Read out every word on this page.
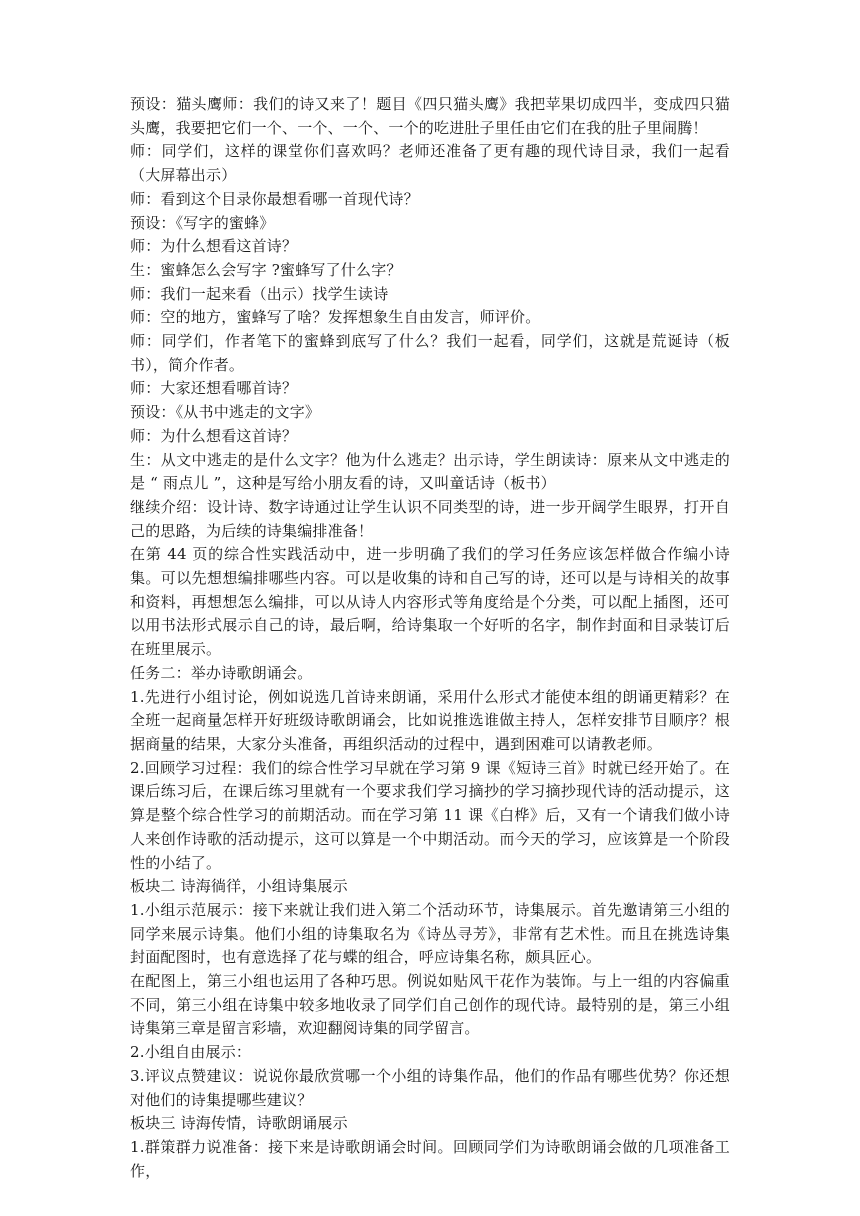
预设：猫头鹰师：我们的诗又来了！题目《四只猫头鹰》我把苹果切成四半，变成四只猫头鹰，我要把它们一个、一个、一个、一个的吃进肚子里任由它们在我的肚子里闹腾！

师：同学们，这样的课堂你们喜欢吗？老师还准备了更有趣的现代诗目录，我们一起看（大屏幕出示）

师：看到这个目录你最想看哪一首现代诗？

预设：《写字的蜜蜂》

师：为什么想看这首诗？

生：蜜蜂怎么会写字 ?蜜蜂写了什么字？

师：我们一起来看（出示）找学生读诗

师：空的地方，蜜蜂写了啥？发挥想象生自由发言，师评价。

师：同学们，作者笔下的蜜蜂到底写了什么？我们一起看，同学们，这就是荒诞诗（板书），简介作者。

师：大家还想看哪首诗？

预设：《从书中逃走的文字》

师：为什么想看这首诗？

生：从文中逃走的是什么文字？他为什么逃走？出示诗，学生朗读诗：原来从文中逃走的是 “ 雨点儿 ”，这种是写给小朋友看的诗，又叫童话诗（板书）

继续介绍：设计诗、数字诗通过让学生认识不同类型的诗，进一步开阔学生眼界，打开自己的思路，为后续的诗集编排准备！

在第 44 页的综合性实践活动中，进一步明确了我们的学习任务应该怎样做合作编小诗集。可以先想想编排哪些内容。可以是收集的诗和自己写的诗，还可以是与诗相关的故事和资料，再想想怎么编排，可以从诗人内容形式等角度给是个分类，可以配上插图，还可以用书法形式展示自己的诗，最后啊，给诗集取一个好听的名字，制作封面和目录装订后在班里展示。

任务二：举办诗歌朗诵会。

1.先进行小组讨论，例如说选几首诗来朗诵，采用什么形式才能使本组的朗诵更精彩？在全班一起商量怎样开好班级诗歌朗诵会，比如说推选谁做主持人，怎样安排节目顺序？根据商量的结果，大家分头准备，再组织活动的过程中，遇到困难可以请教老师。

2.回顾学习过程：我们的综合性学习早就在学习第 9 课《短诗三首》时就已经开始了。在课后练习后，在课后练习里就有一个要求我们学习摘抄的学习摘抄现代诗的活动提示，这算是整个综合性学习的前期活动。而在学习第 11 课《白桦》后，又有一个请我们做小诗人来创作诗歌的活动提示，这可以算是一个中期活动。而今天的学习，应该算是一个阶段性的小结了。

板块二 诗海徜徉，小组诗集展示

1.小组示范展示：接下来就让我们进入第二个活动环节，诗集展示。首先邀请第三小组的同学来展示诗集。他们小组的诗集取名为《诗丛寻芳》，非常有艺术性。而且在挑选诗集封面配图时，也有意选择了花与蝶的组合，呼应诗集名称，颇具匠心。

在配图上，第三小组也运用了各种巧思。例说如贴风干花作为装饰。与上一组的内容偏重不同，第三小组在诗集中较多地收录了同学们自己创作的现代诗。最特别的是，第三小组诗集第三章是留言彩墙，欢迎翻阅诗集的同学留言。

2.小组自由展示：

3.评议点赞建议：说说你最欣赏哪一个小组的诗集作品，他们的作品有哪些优势？你还想对他们的诗集提哪些建议？

板块三 诗海传情，诗歌朗诵展示

1.群策群力说准备：接下来是诗歌朗诵会时间。回顾同学们为诗歌朗诵会做的几项准备工作，
